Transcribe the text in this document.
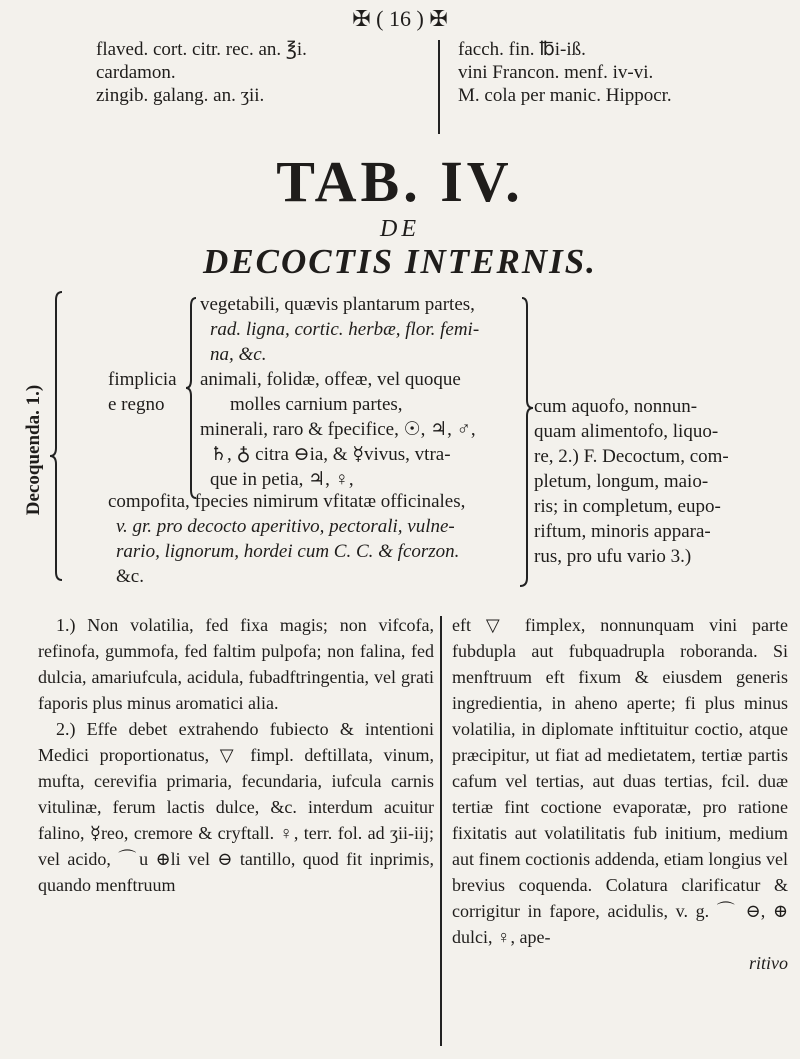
✠ ( 16 ) ✠
flaved. cort. citr. rec. an. ℥i.
cardamon.
zingib. galang. an. ʒii.
facch. fin. ℔i-iß.
vini Francon. menf. iv-vi.
M. cola per manic. Hippocr.
TAB. IV.
DE
DECOCTIS INTERNIS.
Decoquenda. 1.)
fimplicia
e regno
vegetabili, quævis plantarum partes,
rad. ligna, cortic. herbæ, flor. femi-
na, &c.
animali, folidæ, offeæ, vel quoque
molles carnium partes,
minerali, raro & fpecifice, ☉, ♃, ♂,
♄, ♁ citra ⊖ia, & ☿vivus, vtra-
que in petia, ♃, ♀,
compofita, fpecies nimirum vfitatæ officinales,
v. gr. pro decocto aperitivo, pectorali, vulne-
rario, lignorum, hordei cum C. C. & fcorzon.
&c.
cum aquofo, nonnun-
quam alimentofo, liquo-
re, 2.) F. Decoctum, com-
pletum, longum, maio-
ris; in completum, eupo-
riftum, minoris appara-
rus, pro ufu vario 3.)

1.) Non volatilia, fed fixa magis; non vifcofa, refinofa, gummofa, fed faltim pulpofa; non falina, fed dulcia, amariufcula, acidula, fubadftringentia, vel grati faporis plus minus aromatici alia.

2.) Effe debet extrahendo fubiecto & intentioni Medici proportionatus, ▽ fimpl. deftillata, vinum, mufta, cerevifia primaria, fecundaria, iufcula carnis vitulinæ, ferum lactis dulce, &c. interdum acuitur falino, ☿reo, cremore & cryftall. ♀, terr. fol. ad ʒii-iij; vel acido, ⌒u ⊕li vel ⊖ tantillo, quod fit inprimis, quando menftruum

eft ▽ fimplex, nonnunquam vini parte fubdupla aut fubquadrupla roboranda. Si menftruum eft fixum & eiusdem generis ingredientia, in aheno aperte; fi plus minus volatilia, in diplomate inftituitur coctio, atque præcipitur, ut fiat ad medietatem, tertiæ partis cafum vel tertias, aut duas tertias, fcil. duæ tertiæ fint coctione evaporatæ, pro ratione fixitatis aut volatilitatis fub initium, medium aut finem coctionis addenda, etiam longius vel brevius coquenda. Colatura clarificatur & corrigitur in fapore, acidulis, v. g. ⌒ ⊖, ⊕ dulci, ♀, ape-

ritivo
